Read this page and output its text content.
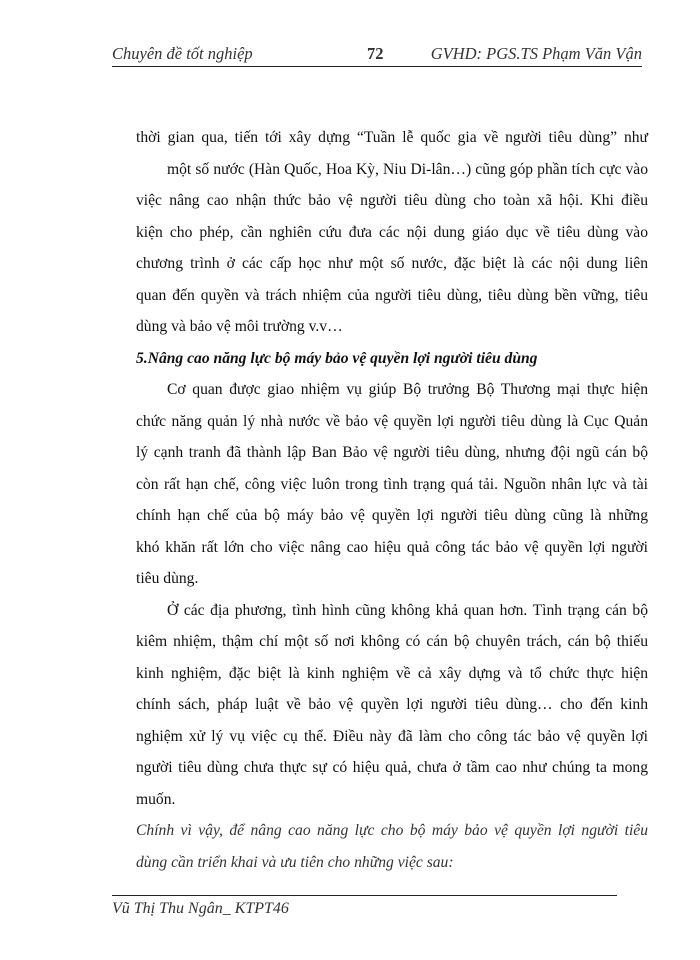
Chuyên đề tốt nghiệp	72	GVHD: PGS.TS Phạm Văn Vận
thời gian qua, tiến tới xây dựng “Tuần lễ quốc gia về người tiêu dùng” như
một số nước (Hàn Quốc, Hoa Kỳ, Niu Di-lân…) cũng góp phần tích cực vào
việc nâng cao nhận thức bảo vệ người tiêu dùng cho toàn xã hội. Khi điều
kiện cho phép, cần nghiên cứu đưa các nội dung giáo dục về tiêu dùng vào
chương trình ở các cấp học như một số nước, đặc biệt là các nội dung liên
quan đến quyền và trách nhiệm của người tiêu dùng, tiêu dùng bền vững, tiêu
dùng và bảo vệ môi trường v.v…
5.Nâng cao năng lực bộ máy bảo vệ quyền lợi người tiêu dùng
Cơ quan được giao nhiệm vụ giúp Bộ trưởng Bộ Thương mại thực hiện
chức năng quản lý nhà nước về bảo vệ quyền lợi người tiêu dùng là Cục Quản
lý cạnh tranh đã thành lập Ban Bảo vệ người tiêu dùng, nhưng đội ngũ cán bộ
còn rất hạn chế, công việc luôn trong tình trạng quá tải. Nguồn nhân lực và tài
chính hạn chế của bộ máy bảo vệ quyền lợi người tiêu dùng cũng là những
khó khăn rất lớn cho việc nâng cao hiệu quả công tác bảo vệ quyền lợi người
tiêu dùng.
Ở các địa phương, tình hình cũng không khả quan hơn. Tình trạng cán bộ
kiêm nhiệm, thậm chí một số nơi không có cán bộ chuyên trách, cán bộ thiếu
kinh nghiệm, đặc biệt là kinh nghiệm về cả xây dựng và tổ chức thực hiện
chính sách, pháp luật về bảo vệ quyền lợi người tiêu dùng… cho đến kinh
nghiệm xử lý vụ việc cụ thể. Điều này đã làm cho công tác bảo vệ quyền lợi
người tiêu dùng chưa thực sự có hiệu quả, chưa ở tầm cao như chúng ta mong
muốn.
Chính vì vậy, để nâng cao năng lực cho bộ máy bảo vệ quyền lợi người tiêu
dùng cần triển khai và ưu tiên cho những việc sau:
Vũ Thị Thu Ngân_ KTPT46
